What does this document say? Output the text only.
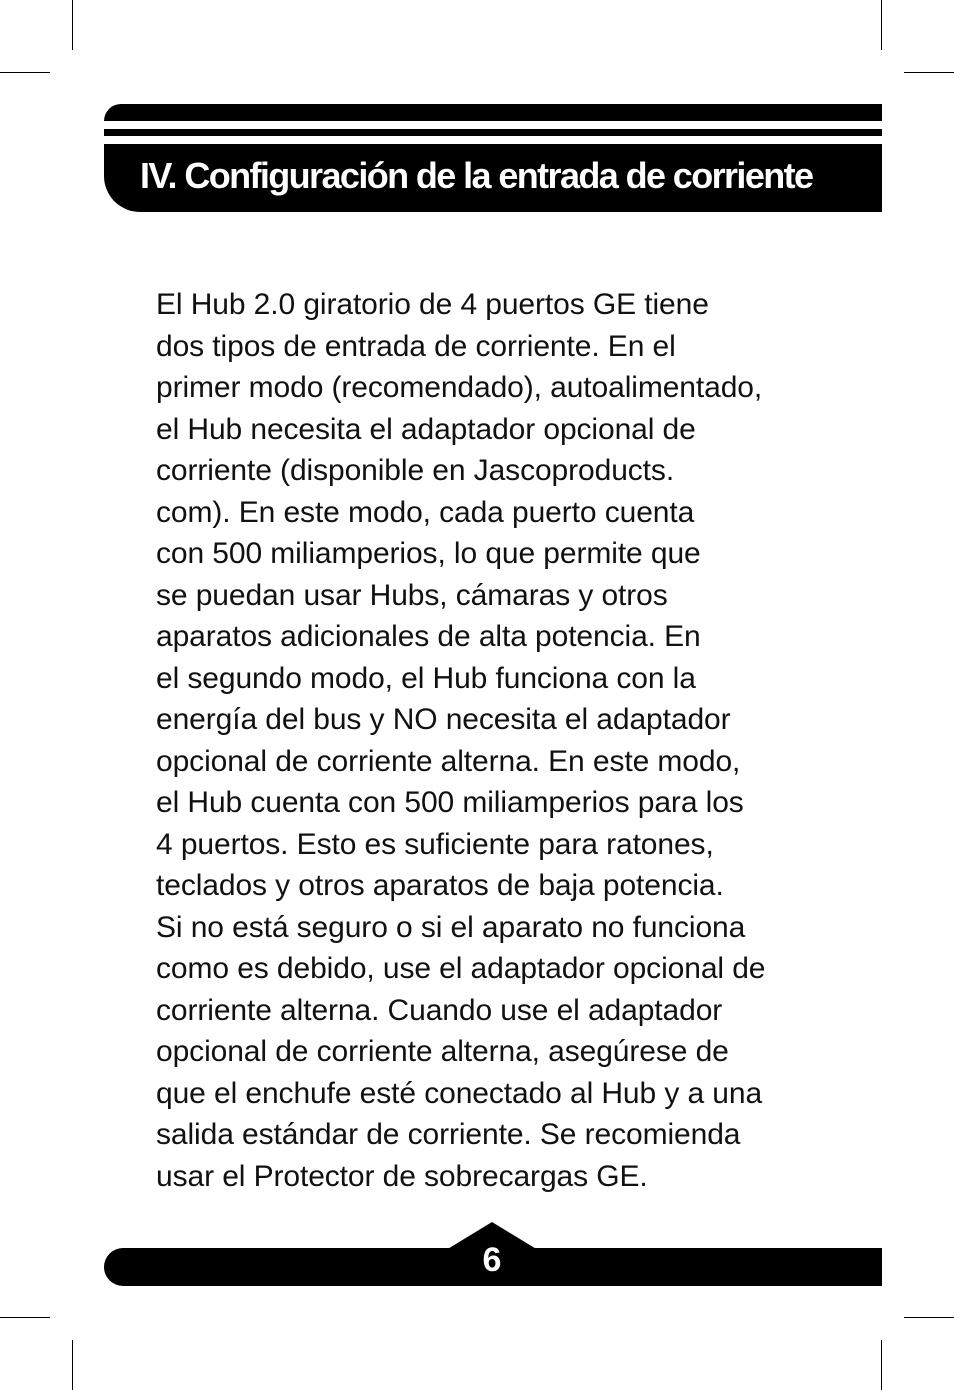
IV. Configuración de la entrada de corriente

El Hub 2.0 giratorio de 4 puertos GE tiene
dos tipos de entrada de corriente. En el
primer modo (recomendado), autoalimentado,
el Hub necesita el adaptador opcional de
corriente (disponible en Jascoproducts.
com). En este modo, cada puerto cuenta
con 500 miliamperios, lo que permite que
se puedan usar Hubs, cámaras y otros
aparatos adicionales de alta potencia. En
el segundo modo, el Hub funciona con la
energía del bus y NO necesita el adaptador
opcional de corriente alterna. En este modo,
el Hub cuenta con 500 miliamperios para los
4 puertos. Esto es suficiente para ratones,
teclados y otros aparatos de baja potencia.
Si no está seguro o si el aparato no funciona
como es debido, use el adaptador opcional de
corriente alterna. Cuando use el adaptador
opcional de corriente alterna, asegúrese de
que el enchufe esté conectado al Hub y a una
salida estándar de corriente. Se recomienda
usar el Protector de sobrecargas GE.

6
